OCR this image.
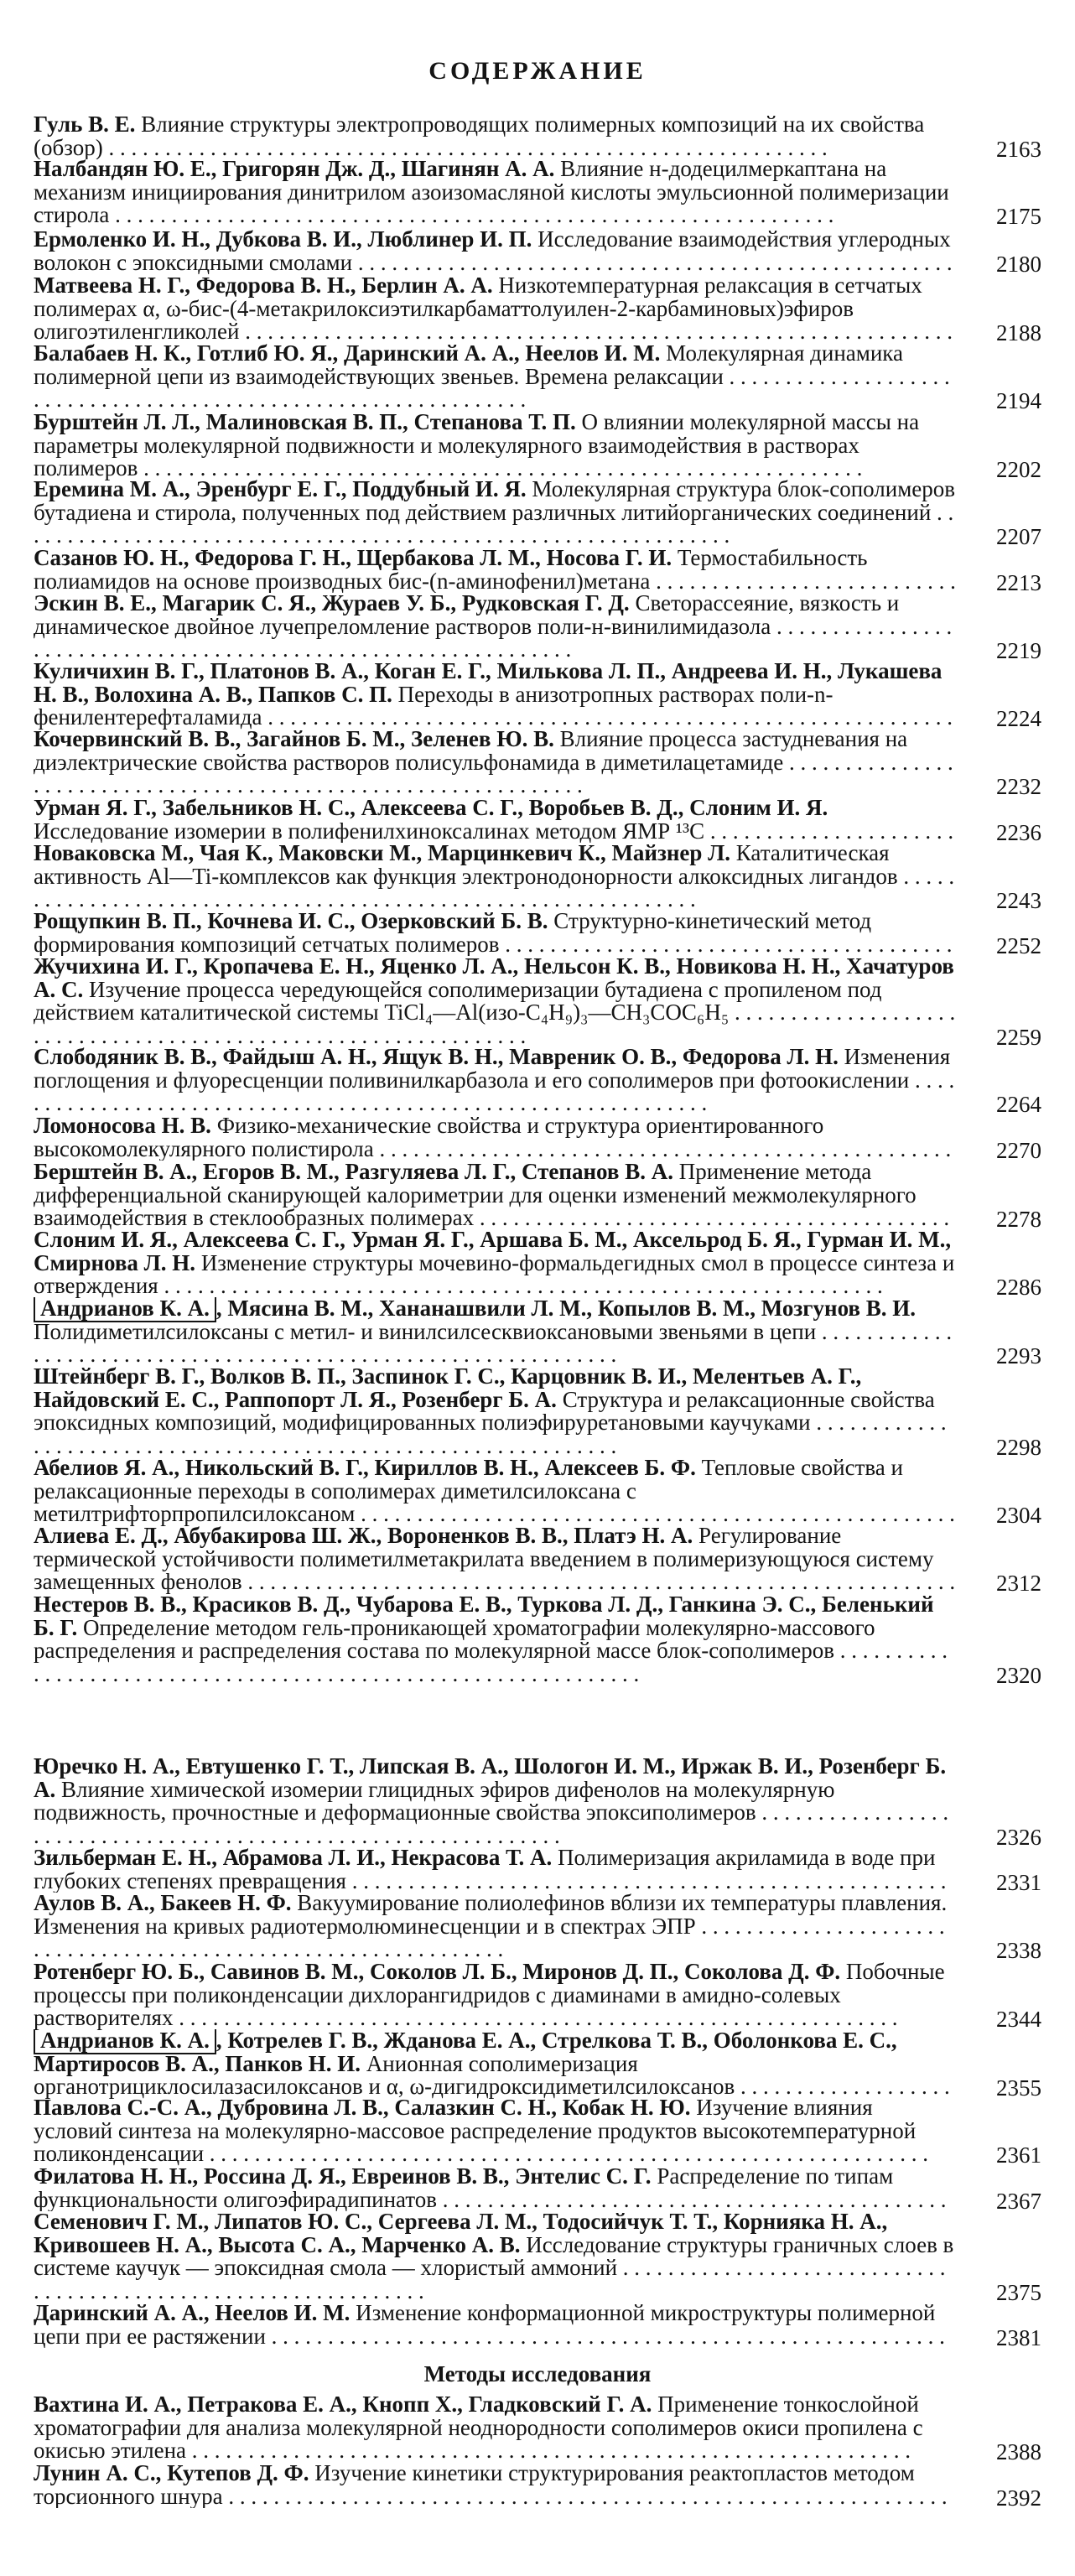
СОДЕРЖАНИЕ
Гуль В. Е. Влияние структуры электропроводящих полимерных композиций на их свойства (обзор) . . .	2163
Налбандян Ю. Е., Григорян Дж. Д., Шагинян А. А. Влияние н-додецилмеркаптана на механизм инициирования динитрилом азоизомасляной кислоты эмульсионной полимеризации стирола . . .	2175
Ермоленко И. Н., Дубкова В. И., Люблинер И. П. Исследование взаимодействия углеродных волокон с эпоксидными смолами . . .	2180
Матвеева Н. Г., Федорова В. Н., Берлин А. А. Низкотемпературная релаксация в сетчатых полимерах α, ω-бис-(4-метакрилоксиэтилкарбаматтолуилен-2-карбаминовых)эфиров олигоэтиленгликолей . . .	2188
Балабаев Н. К., Готлиб Ю. Я., Даринский А. А., Неелов И. М. Молекулярная динамика полимерной цепи из взаимодействующих звеньев. Времена релаксации . . .
2194
Бурштейн Л. Л., Малиновская В. П., Степанова Т. П. О влиянии молекулярной массы на параметры молекулярной подвижности и молекулярного взаимодействия в растворах полимеров . . .	2202
Еремина М. А., Эренбург Е. Г., Поддубный И. Я. Молекулярная структура блок-сополимеров бутадиена и стирола, полученных под действием различных литийорганических соединений . . .
2207
Сазанов Ю. Н., Федорова Г. Н., Щербакова Л. М., Носова Г. И. Термостабильность полиамидов на основе производных бис-(n-аминофенил)метана . . .	2213
Эскин В. Е., Магарик С. Я., Жураев У. Б., Рудковская Г. Д. Светорассеяние, вязкость и динамическое двойное лучепреломление растворов поли-н-винилимидазола . . .
2219
Куличихин В. Г., Платонов В. А., Коган Е. Г., Милькова Л. П., Андреева И. Н., Лукашева Н. В., Волохина А. В., Папков С. П. Переходы в анизотропных растворах поли-n-фенилентерефталамида . . .	2224
Кочервинский В. В., Загайнов Б. М., Зеленев Ю. В. Влияние процесса застудневания на диэлектрические свойства растворов полисульфонамида в диметилацетамиде . . .
2232
Урман Я. Г., Забельников Н. С., Алексеева С. Г., Воробьев В. Д., Слоним И. Я. Исследование изомерии в полифенилхиноксалинах методом ЯМР ¹³C . . .	2236
Новаковска М., Чая К., Маковски М., Марцинкевич К., Майзнер Л. Каталитическая активность Al—Ti-комплексов как функция электронодонорности алкоксидных лигандов . . .
2243
Рощупкин В. П., Кочнева И. С., Озерковский Б. В. Структурно-кинетический метод формирования композиций сетчатых полимеров . . .	2252
Жучихина И. Г., Кропачева Е. Н., Яценко Л. А., Нельсон К. В., Новикова Н. Н., Хачатуров А. С. Изучение процесса чередующейся сополимеризации бутадиена с пропиленом под действием каталитической системы TiCl₄—Al(изо-C₄H₉)₃—CH₃COC₆H₅ . . .
2259
Слободяник В. В., Файдыш А. Н., Ящук В. Н., Мавреник О. В., Федорова Л. Н. Изменения поглощения и флуоресценции поливинилкарбазола и его сополимеров при фотоокислении . . .
2264
Ломоносова Н. В. Физико-механические свойства и структура ориентированного высокомолекулярного полистирола . . .	2270
Берштейн В. А., Егоров В. М., Разгуляева Л. Г., Степанов В. А. Применение метода дифференциальной сканирующей калориметрии для оценки изменений межмолекулярного взаимодействия в стеклообразных полимерах . . .	2278
Слоним И. Я., Алексеева С. Г., Урман Я. Г., Аршава Б. М., Аксельрод Б. Я., Гурман И. М., Смирнова Л. Н. Изменение структуры мочевино-формальдегидных смол в процессе синтеза и отверждения . . .	2286
Андрианов К. А. , Мясина В. М., Хананашвили Л. М., Копылов В. М., Мозгунов В. И. Полидиметилсилоксаны с метил- и винилсилсесквиоксановыми звеньями в цепи . . .
2293
Штейнберг В. Г., Волков В. П., Заспинок Г. С., Карцовник В. И., Мелентьев А. Г., Найдовский Е. С., Раппопорт Л. Я., Розенберг Б. А. Структура и релаксационные свойства эпоксидных композиций, модифицированных полиэфируретановыми каучуками . . .
2298
Абелиов Я. А., Никольский В. Г., Кириллов В. Н., Алексеев Б. Ф. Тепловые свойства и релаксационные переходы в сополимерах диметилсилоксана с метилтрифторпропилсилоксаном . . .	2304
Алиева Е. Д., Абубакирова Ш. Ж., Вороненков В. В., Платэ Н. А. Регулирование термической устойчивости полиметилметакрилата введением в полимеризующуюся систему замещенных фенолов . . .	2312
Нестеров В. В., Красиков В. Д., Чубарова Е. В., Туркова Л. Д., Ганкина Э. С., Беленький Б. Г. Определение методом гель-проникающей хроматографии молекулярно-массового распределения и распределения состава по молекулярной массе блок-сополимеров . . .
2320
Юречко Н. А., Евтушенко Г. Т., Липская В. А., Шологон И. М., Иржак В. И., Розенберг Б. А. Влияние химической изомерии глицидных эфиров дифенолов на молекулярную подвижность, прочностные и деформационные свойства эпоксиполимеров . . .
2326
Зильберман Е. Н., Абрамова Л. И., Некрасова Т. А. Полимеризация акриламида в воде при глубоких степенях превращения . . .	2331
Аулов В. А., Бакеев Н. Ф. Вакуумирование полиолефинов вблизи их температуры плавления. Изменения на кривых радиотермолюминесценции и в спектрах ЭПР . . .
2338
Ротенберг Ю. Б., Савинов В. М., Соколов Л. Б., Миронов Д. П., Соколова Д. Ф. Побочные процессы при поликонденсации дихлорангидридов с диаминами в амидно-солевых растворителях . . .	2344
Андрианов К. А. , Котрелев Г. В., Жданова Е. А., Стрелкова Т. В., Оболонкова Е. С., Мартиросов В. А., Панков Н. И. Анионная сополимеризация органотрициклосилазасилоксанов и α, ω-дигидроксидиметилсилоксанов . . .	2355
Павлова С.-С. А., Дубровина Л. В., Салазкин С. Н., Кобак Н. Ю. Изучение влияния условий синтеза на молекулярно-массовое распределение продуктов высокотемпературной поликонденсации . . .	2361
Филатова Н. Н., Россина Д. Я., Евреинов В. В., Энтелис С. Г. Распределение по типам функциональности олигоэфирадипинатов . . .	2367
Семенович Г. М., Липатов Ю. С., Сергеева Л. М., Тодосийчук Т. Т., Корнияка Н. А., Кривошеев Н. А., Высота С. А., Марченко А. В. Исследование структуры граничных слоев в системе каучук — эпоксидная смола — хлористый аммоний . . .
2375
Даринский А. А., Неелов И. М. Изменение конформационной микроструктуры полимерной цепи при ее растяжении . . .	2381
Вахтина И. А., Петракова Е. А., Кнопп Х., Гладковский Г. А. Применение тонкослойной хроматографии для анализа молекулярной неоднородности сополимеров окиси пропилена с окисью этилена . . .	2388
Лунин А. С., Кутепов Д. Ф. Изучение кинетики структурирования реактопластов методом торсионного шнура . . .	2392
Методы исследования
